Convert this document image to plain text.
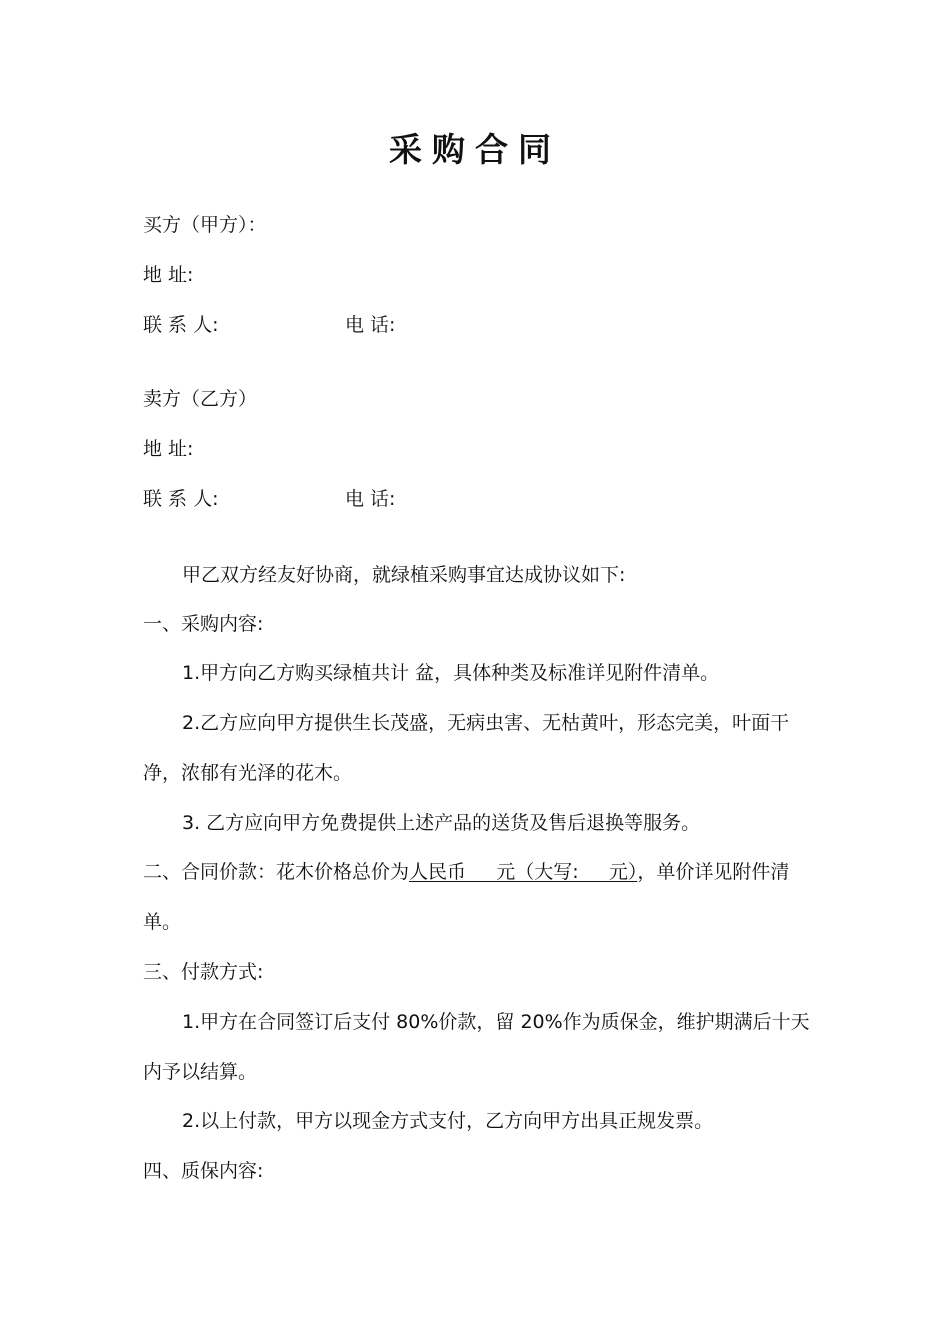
采购合同
买方（甲方）：
地 址:
联 系 人:	电 话:
卖方（乙方）
地 址:
联 系 人:	电 话:
甲乙双方经友好协商，就绿植采购事宜达成协议如下:
一、采购内容:
1.甲方向乙方购买绿植共计 盆，具体种类及标准详见附件清单。
2.乙方应向甲方提供生长茂盛，无病虫害、无枯黄叶，形态完美，叶面干
净，浓郁有光泽的花木。
3. 乙方应向甲方免费提供上述产品的送货及售后退换等服务。
二、合同价款：花木价格总价为人民币     元（大写:     元），单价详见附件清
单。
三、付款方式:
1.甲方在合同签订后支付 80%价款，留 20%作为质保金，维护期满后十天
内予以结算。
2.以上付款，甲方以现金方式支付，乙方向甲方出具正规发票。
四、质保内容:
